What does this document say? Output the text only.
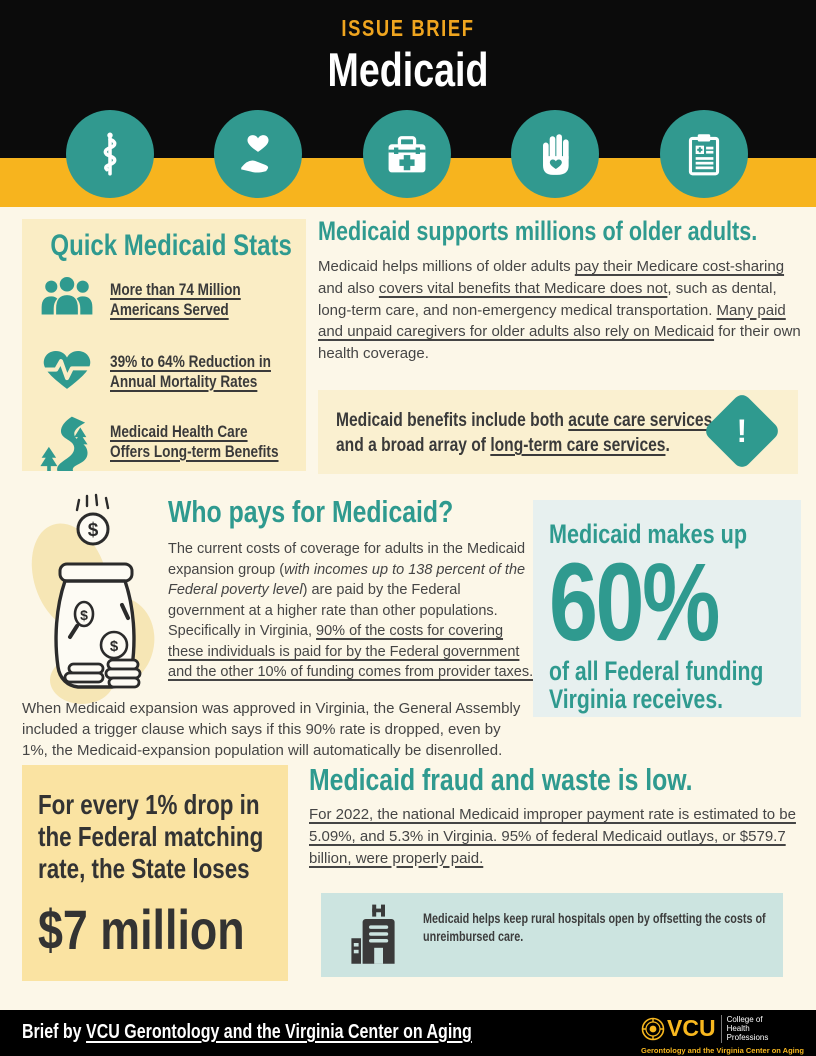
ISSUE BRIEF
Medicaid
Quick Medicaid Stats
More than 74 Million Americans Served
39% to 64% Reduction in Annual Mortality Rates
Medicaid Health Care Offers Long-term Benefits
Medicaid supports millions of older adults.

Medicaid helps millions of older adults pay their Medicare cost-sharing and also covers vital benefits that Medicare does not, such as dental, long-term care, and non-emergency medical transportation. Many paid and unpaid caregivers for older adults also rely on Medicaid for their own health coverage.

Medicaid benefits include both acute care services and a broad array of long-term care services.	!
$
$
$
Who pays for Medicaid?

The current costs of coverage for adults in the Medicaid expansion group (with incomes up to 138 percent of the Federal poverty level) are paid by the Federal government at a higher rate than other populations. Specifically in Virginia, 90% of the costs for covering these individuals is paid for by the Federal government and the other 10% of funding comes from provider taxes.

When Medicaid expansion was approved in Virginia, the General Assembly included a trigger clause which says if this 90% rate is dropped, even by 1%, the Medicaid-expansion population will automatically be disenrolled.

Medicaid makes up
60%
of all Federal funding Virginia receives.
For every 1% drop in the Federal matching rate, the State loses
$7 million
Medicaid fraud and waste is low.

For 2022, the national Medicaid improper payment rate is estimated to be 5.09%, and 5.3% in Virginia. 95% of federal Medicaid outlays, or $579.7 billion, were properly paid.

Medicaid helps keep rural hospitals open by offsetting the costs of unreimbursed care.
Brief by VCU Gerontology and the Virginia Center on Aging	VCU	College of Health Professions
Gerontology and the Virginia Center on Aging
